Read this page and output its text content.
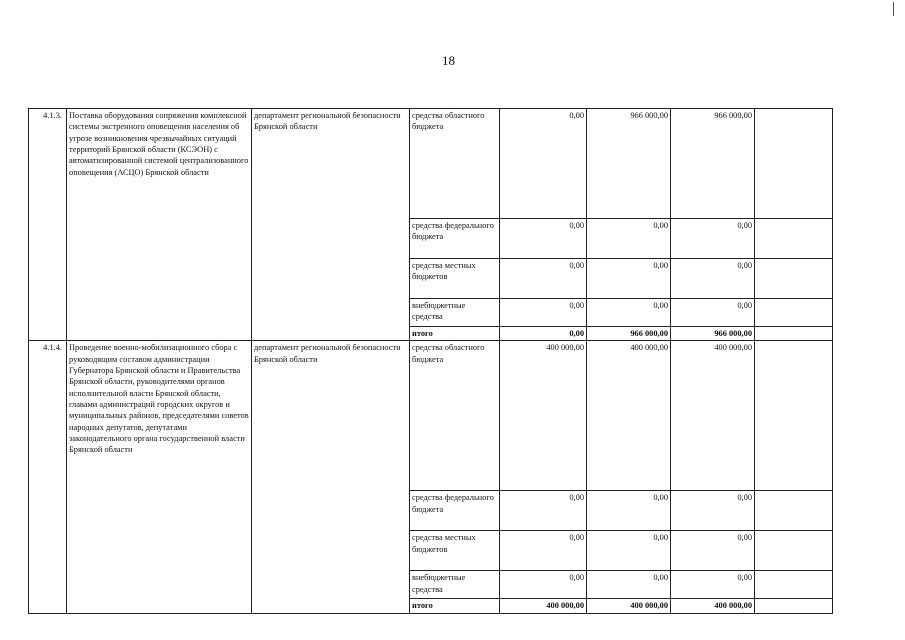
18
4.1.3.	Поставка оборудования сопряжения комплексной системы экстренного оповещения населения об угрозе возникновения чрезвычайных ситуаций территорий Брянской области (КСЭОН) с автоматизированной системой централизованного оповещения (АСЦО) Брянской области	департамент региональной безопасности Брянской области	средства областного бюджета	0,00	966 000,00	966 000,00	
			средства федерального бюджета	0,00	0,00	0,00	
			средства местных бюджетов	0,00	0,00	0,00	
			внебюджетные средства	0,00	0,00	0,00	
			итого	0,00	966 000,00	966 000,00	
4.1.4.	Проведение военно-мобилизационного сбора с руководящим составом администрации Губернатора Брянской области и Правительства Брянской области, руководителями органов исполнительной власти Брянской области, главами администраций городских округов и муниципальных районов, председателями советов народных депутатов, депутатами законодательного органа государственной власти Брянской области	департамент региональной безопасности Брянской области	средства областного бюджета	400 000,00	400 000,00	400 000,00	
			средства федерального бюджета	0,00	0,00	0,00	
			средства местных бюджетов	0,00	0,00	0,00	
			внебюджетные средства	0,00	0,00	0,00	
			итого	400 000,00	400 000,00	400 000,00	
